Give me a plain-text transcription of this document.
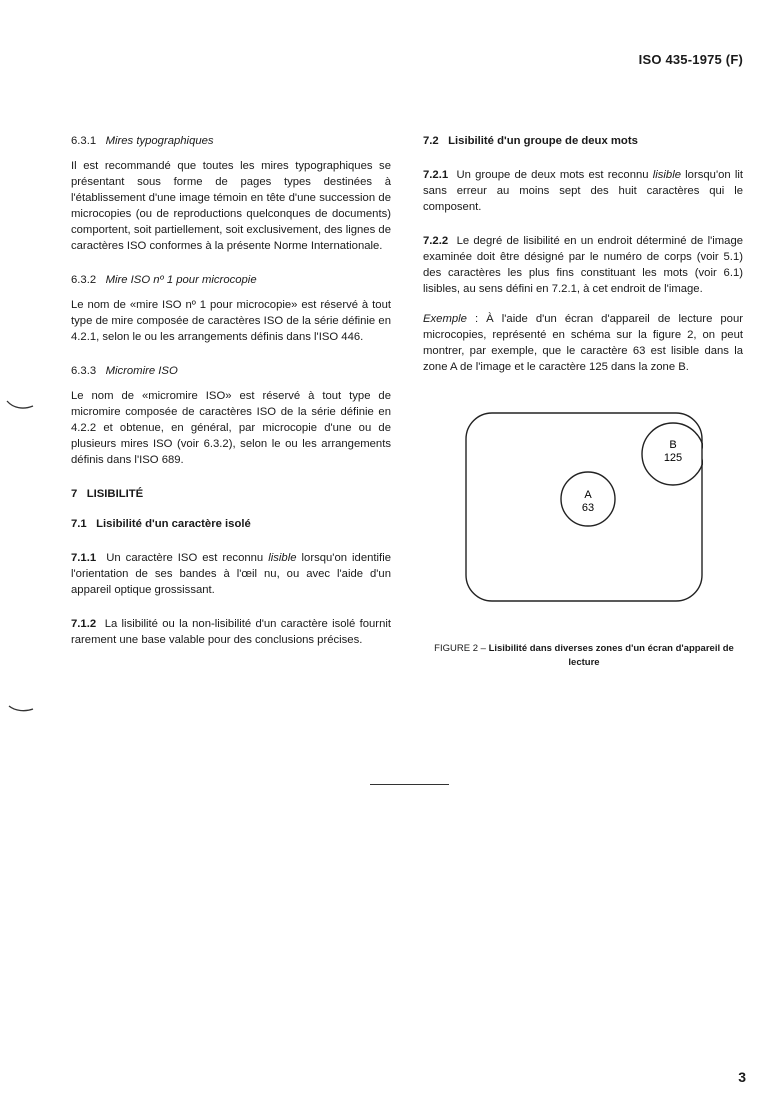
ISO 435-1975 (F)
6.3.1 Mires typographiques

Il est recommandé que toutes les mires typographiques se présentant sous forme de pages types destinées à l'établissement d'une image témoin en tête d'une succession de microcopies (ou de reproductions quelconques de documents) comportent, soit partiellement, soit exclusivement, des lignes de caractères ISO conformes à la présente Norme Internationale.

6.3.2 Mire ISO nº 1 pour microcopie

Le nom de «mire ISO nº 1 pour microcopie» est réservé à tout type de mire composée de caractères ISO de la série définie en 4.2.1, selon le ou les arrangements définis dans l'ISO 446.

6.3.3 Micromire ISO

Le nom de «micromire ISO» est réservé à tout type de micromire composée de caractères ISO de la série définie en 4.2.2 et obtenue, en général, par microcopie d'une ou de plusieurs mires ISO (voir 6.3.2), selon le ou les arrangements définis dans l'ISO 689.

7 LISIBILITÉ
7.1 Lisibilité d'un caractère isolé

7.1.1 Un caractère ISO est reconnu lisible lorsqu'on identifie l'orientation de ses bandes à l'œil nu, ou avec l'aide d'un appareil optique grossissant.

7.1.2 La lisibilité ou la non-lisibilité d'un caractère isolé fournit rarement une base valable pour des conclusions précises.

7.2 Lisibilité d'un groupe de deux mots

7.2.1 Un groupe de deux mots est reconnu lisible lorsqu'on lit sans erreur au moins sept des huit caractères qui le composent.

7.2.2 Le degré de lisibilité en un endroit déterminé de l'image examinée doit être désigné par le numéro de corps (voir 5.1) des caractères les plus fins constituant les mots (voir 6.1) lisibles, au sens défini en 7.2.1, à cet endroit de l'image.

Exemple : À l'aide d'un écran d'appareil de lecture pour microcopies, représenté en schéma sur la figure 2, on peut montrer, par exemple, que le caractère 63 est lisible dans la zone A de l'image et le caractère 125 dans la zone B.

B
125
A
63
FIGURE 2 – Lisibilité dans diverses zones d'un écran d'appareil de lecture
3
